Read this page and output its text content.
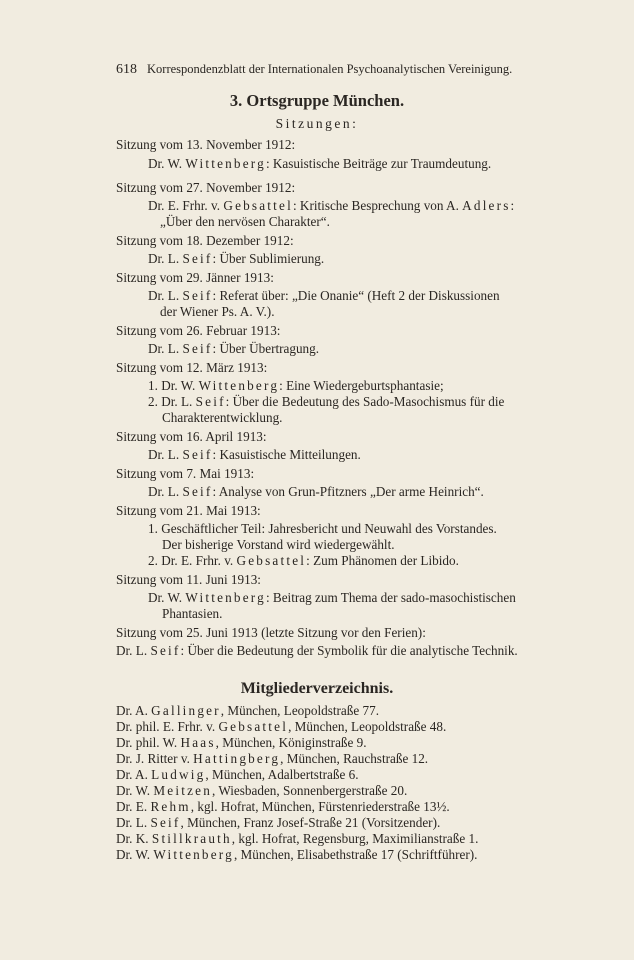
618 Korrespondenzblatt der Internationalen Psychoanalytischen Vereinigung.
3. Ortsgruppe München.
Sitzungen:
Sitzung vom 13. November 1912:
Dr. W. Wittenberg: Kasuistische Beiträge zur Traumdeutung.
Sitzung vom 27. November 1912:
Dr. E. Frhr. v. Gebsattel: Kritische Besprechung von A. Adlers:
„Über den nervösen Charakter“.
Sitzung vom 18. Dezember 1912:
Dr. L. Seif: Über Sublimierung.
Sitzung vom 29. Jänner 1913:
Dr. L. Seif: Referat über: „Die Onanie“ (Heft 2 der Diskussionen
der Wiener Ps. A. V.).
Sitzung vom 26. Februar 1913:
Dr. L. Seif: Über Übertragung.
Sitzung vom 12. März 1913:
1. Dr. W. Wittenberg: Eine Wiedergeburtsphantasie;
2. Dr. L. Seif: Über die Bedeutung des Sado-Masochismus für die
Charakterentwicklung.
Sitzung vom 16. April 1913:
Dr. L. Seif: Kasuistische Mitteilungen.
Sitzung vom 7. Mai 1913:
Dr. L. Seif: Analyse von Grun-Pfitzners „Der arme Heinrich“.
Sitzung vom 21. Mai 1913:
1. Geschäftlicher Teil: Jahresbericht und Neuwahl des Vorstandes.
Der bisherige Vorstand wird wiedergewählt.
2. Dr. E. Frhr. v. Gebsattel: Zum Phänomen der Libido.
Sitzung vom 11. Juni 1913:
Dr. W. Wittenberg: Beitrag zum Thema der sado-masochistischen
Phantasien.
Sitzung vom 25. Juni 1913 (letzte Sitzung vor den Ferien):
Dr. L. Seif: Über die Bedeutung der Symbolik für die analytische Technik.
Mitgliederverzeichnis.
Dr. A. Gallinger, München, Leopoldstraße 77.
Dr. phil. E. Frhr. v. Gebsattel, München, Leopoldstraße 48.
Dr. phil. W. Haas, München, Königinstraße 9.
Dr. J. Ritter v. Hattingberg, München, Rauchstraße 12.
Dr. A. Ludwig, München, Adalbertstraße 6.
Dr. W. Meitzen, Wiesbaden, Sonnenbergerstraße 20.
Dr. E. Rehm, kgl. Hofrat, München, Fürstenriederstraße 13½.
Dr. L. Seif, München, Franz Josef-Straße 21 (Vorsitzender).
Dr. K. Stillkrauth, kgl. Hofrat, Regensburg, Maximilianstraße 1.
Dr. W. Wittenberg, München, Elisabethstraße 17 (Schriftführer).
